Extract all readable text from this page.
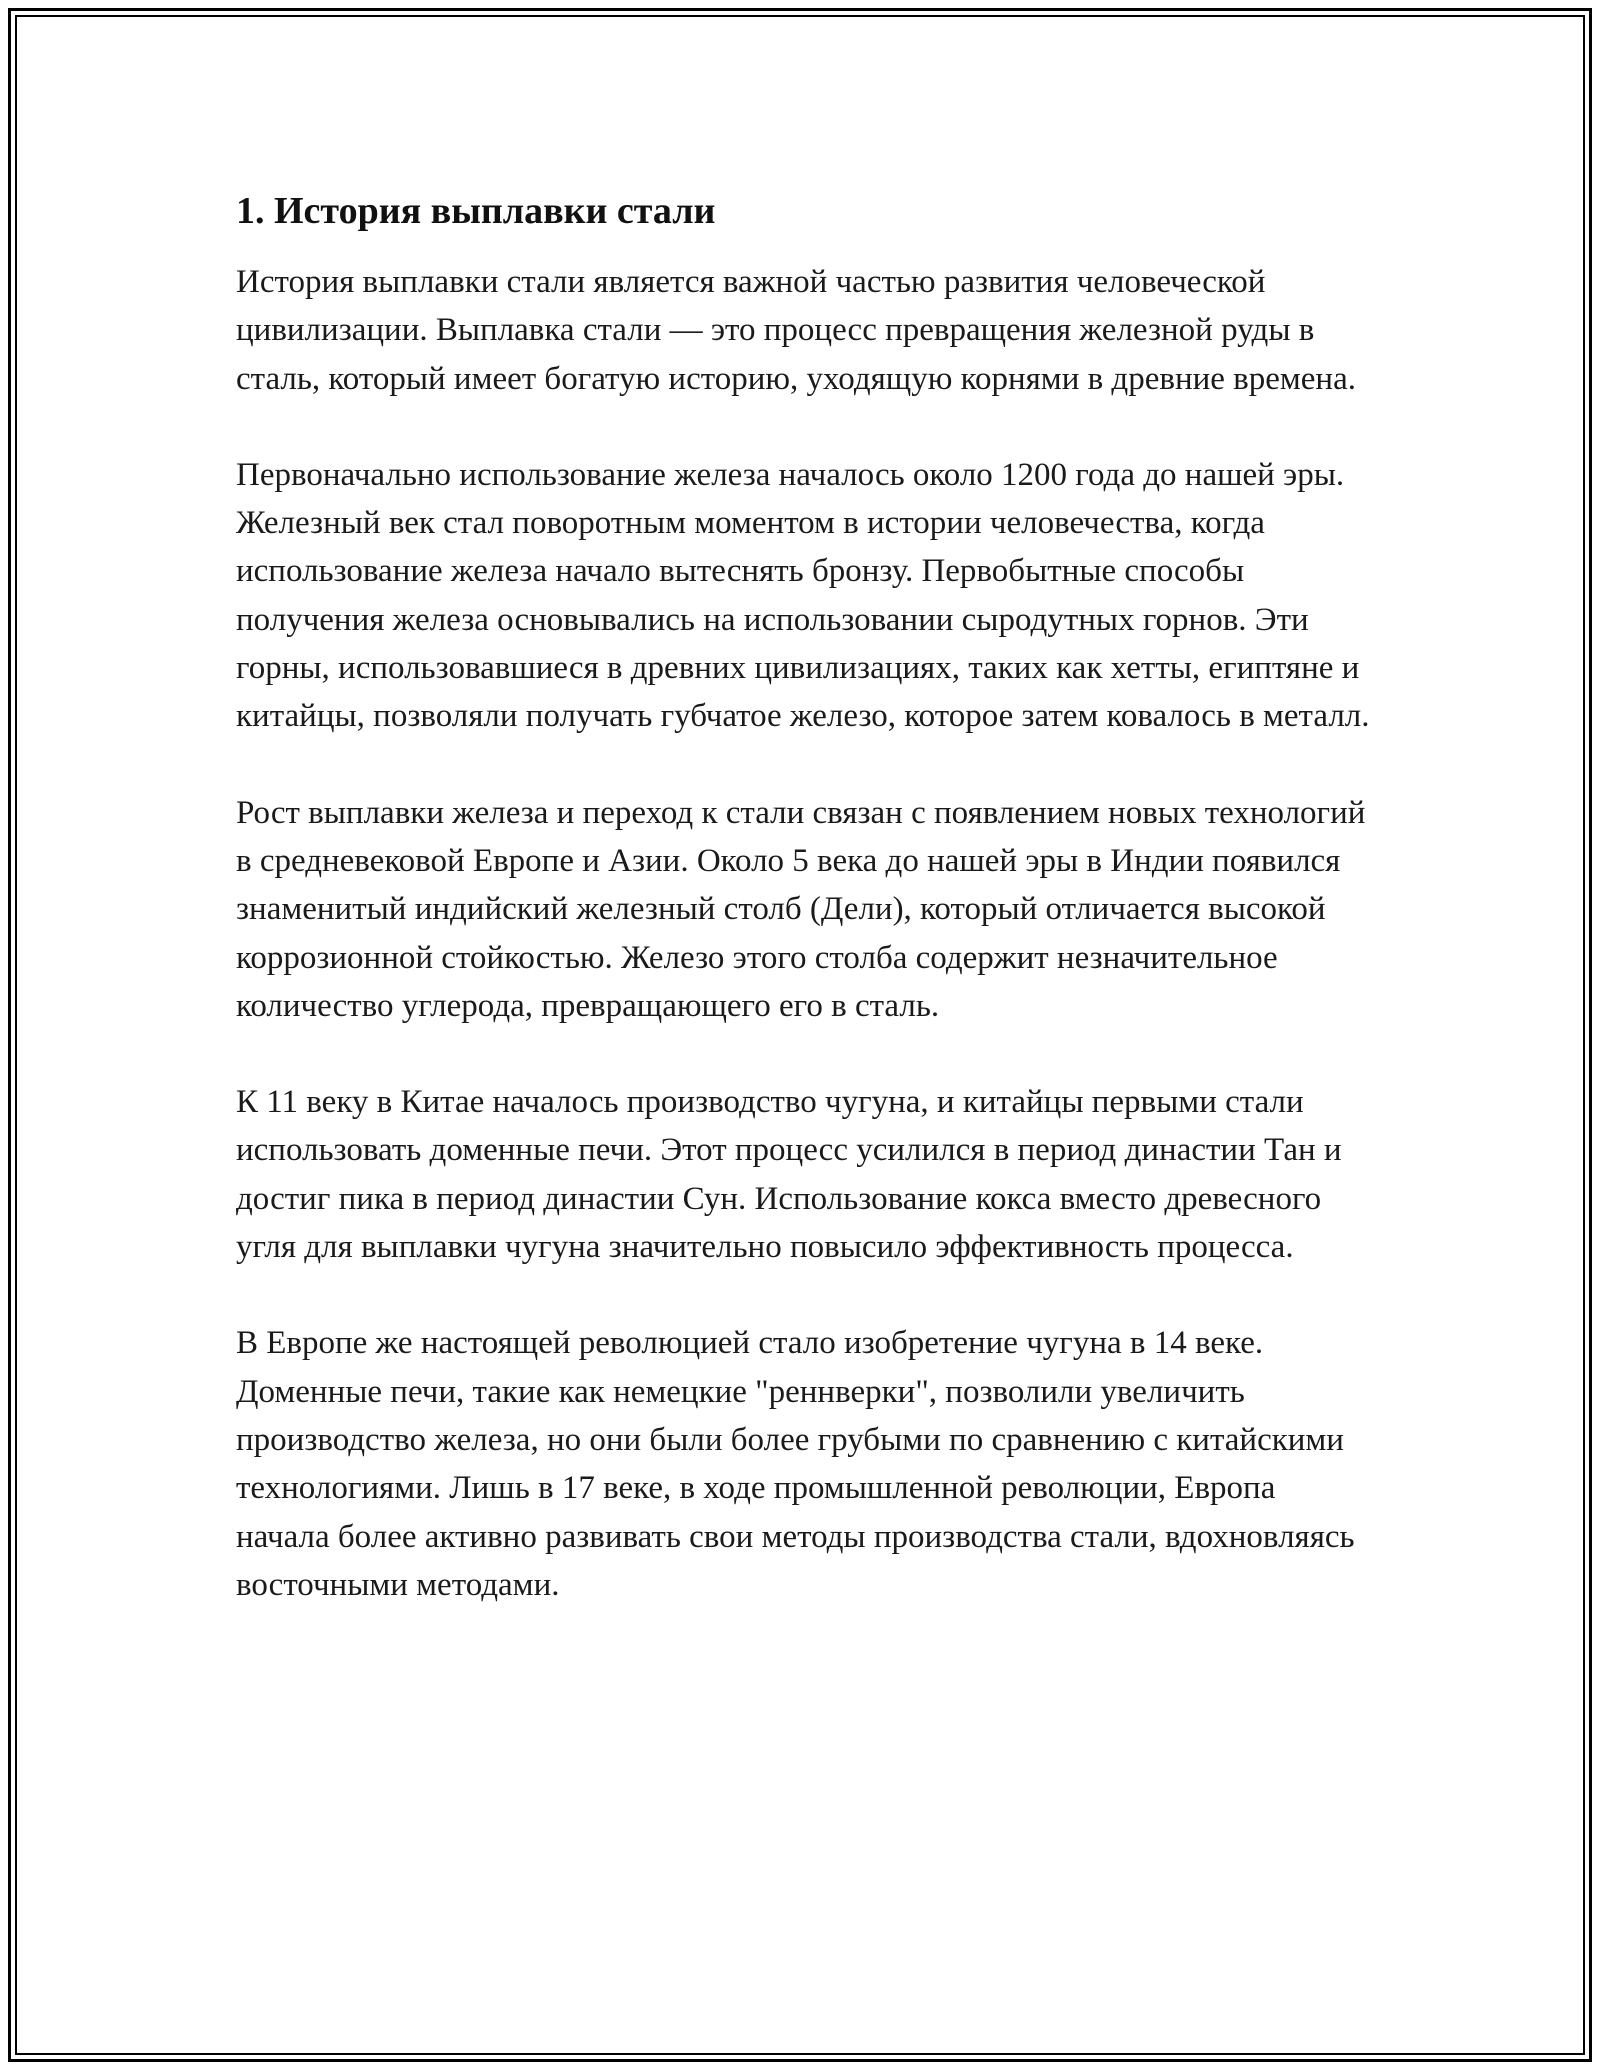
1. История выплавки стали

История выплавки стали является важной частью развития человеческой цивилизации. Выплавка стали — это процесс превращения железной руды в сталь, который имеет богатую историю, уходящую корнями в древние времена.

Первоначально использование железа началось около 1200 года до нашей эры. Железный век стал поворотным моментом в истории человечества, когда использование железа начало вытеснять бронзу. Первобытные способы получения железа основывались на использовании сыродутных горнов. Эти горны, использовавшиеся в древних цивилизациях, таких как хетты, египтяне и китайцы, позволяли получать губчатое железо, которое затем ковалось в металл.

Рост выплавки железа и переход к стали связан с появлением новых технологий в средневековой Европе и Азии. Около 5 века до нашей эры в Индии появился знаменитый индийский железный столб (Дели), который отличается высокой коррозионной стойкостью. Железо этого столба содержит незначительное количество углерода, превращающего его в сталь.

К 11 веку в Китае началось производство чугуна, и китайцы первыми стали использовать доменные печи. Этот процесс усилился в период династии Тан и достиг пика в период династии Сун. Использование кокса вместо древесного угля для выплавки чугуна значительно повысило эффективность процесса.

В Европе же настоящей революцией стало изобретение чугуна в 14 веке. Доменные печи, такие как немецкие "реннверки", позволили увеличить производство железа, но они были более грубыми по сравнению с китайскими технологиями. Лишь в 17 веке, в ходе промышленной революции, Европа начала более активно развивать свои методы производства стали, вдохновляясь восточными методами.
